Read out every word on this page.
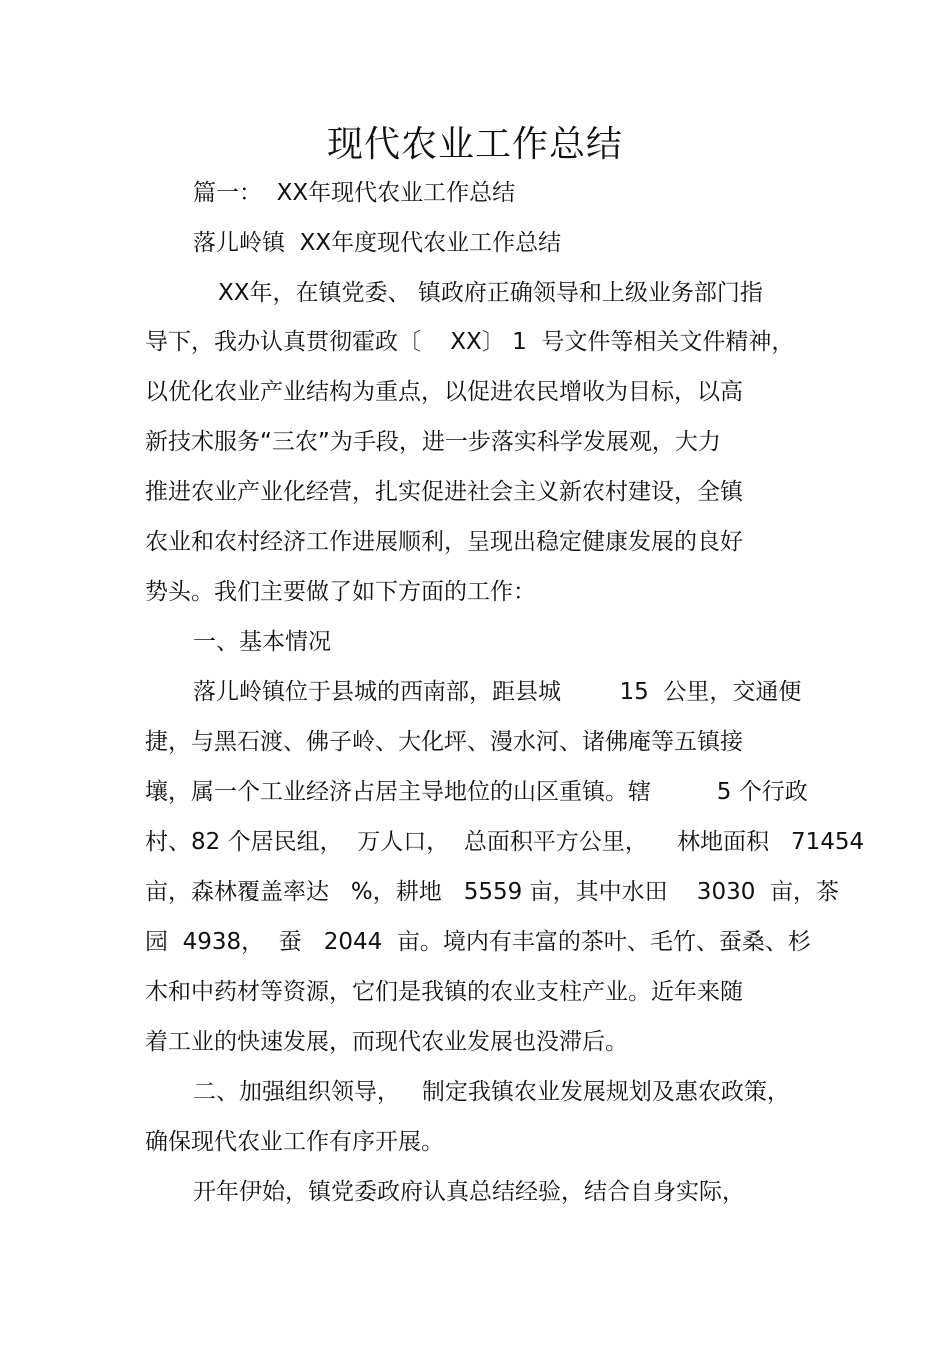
现代农业工作总结
篇一：  XX年现代农业工作总结
落儿岭镇  XX年度现代农业工作总结
XX年，在镇党委、 镇政府正确领导和上级业务部门指
导下，我办认真贯彻霍政〔    XX〕 1  号文件等相关文件精神，
以优化农业产业结构为重点，以促进农民增收为目标，以高
新技术服务“三农”为手段，进一步落实科学发展观，大力
推进农业产业化经营，扎实促进社会主义新农村建设，全镇
农业和农村经济工作进展顺利，呈现出稳定健康发展的良好
势头。我们主要做了如下方面的工作：
一、基本情况
落儿岭镇位于县城的西南部，距县城        15  公里，交通便
捷，与黑石渡、佛子岭、大化坪、漫水河、诸佛庵等五镇接
壤，属一个工业经济占居主导地位的山区重镇。辖         5 个行政
村、82 个居民组，  万人口，  总面积平方公里，    林地面积   71454
亩，森林覆盖率达   %，耕地   5559 亩，其中水田    3030  亩，茶
园  4938，  蚕   2044  亩。境内有丰富的茶叶、毛竹、蚕桑、杉
木和中药材等资源，它们是我镇的农业支柱产业。近年来随
着工业的快速发展，而现代农业发展也没滞后。
二、加强组织领导，   制定我镇农业发展规划及惠农政策，
确保现代农业工作有序开展。
开年伊始，镇党委政府认真总结经验，结合自身实际，
